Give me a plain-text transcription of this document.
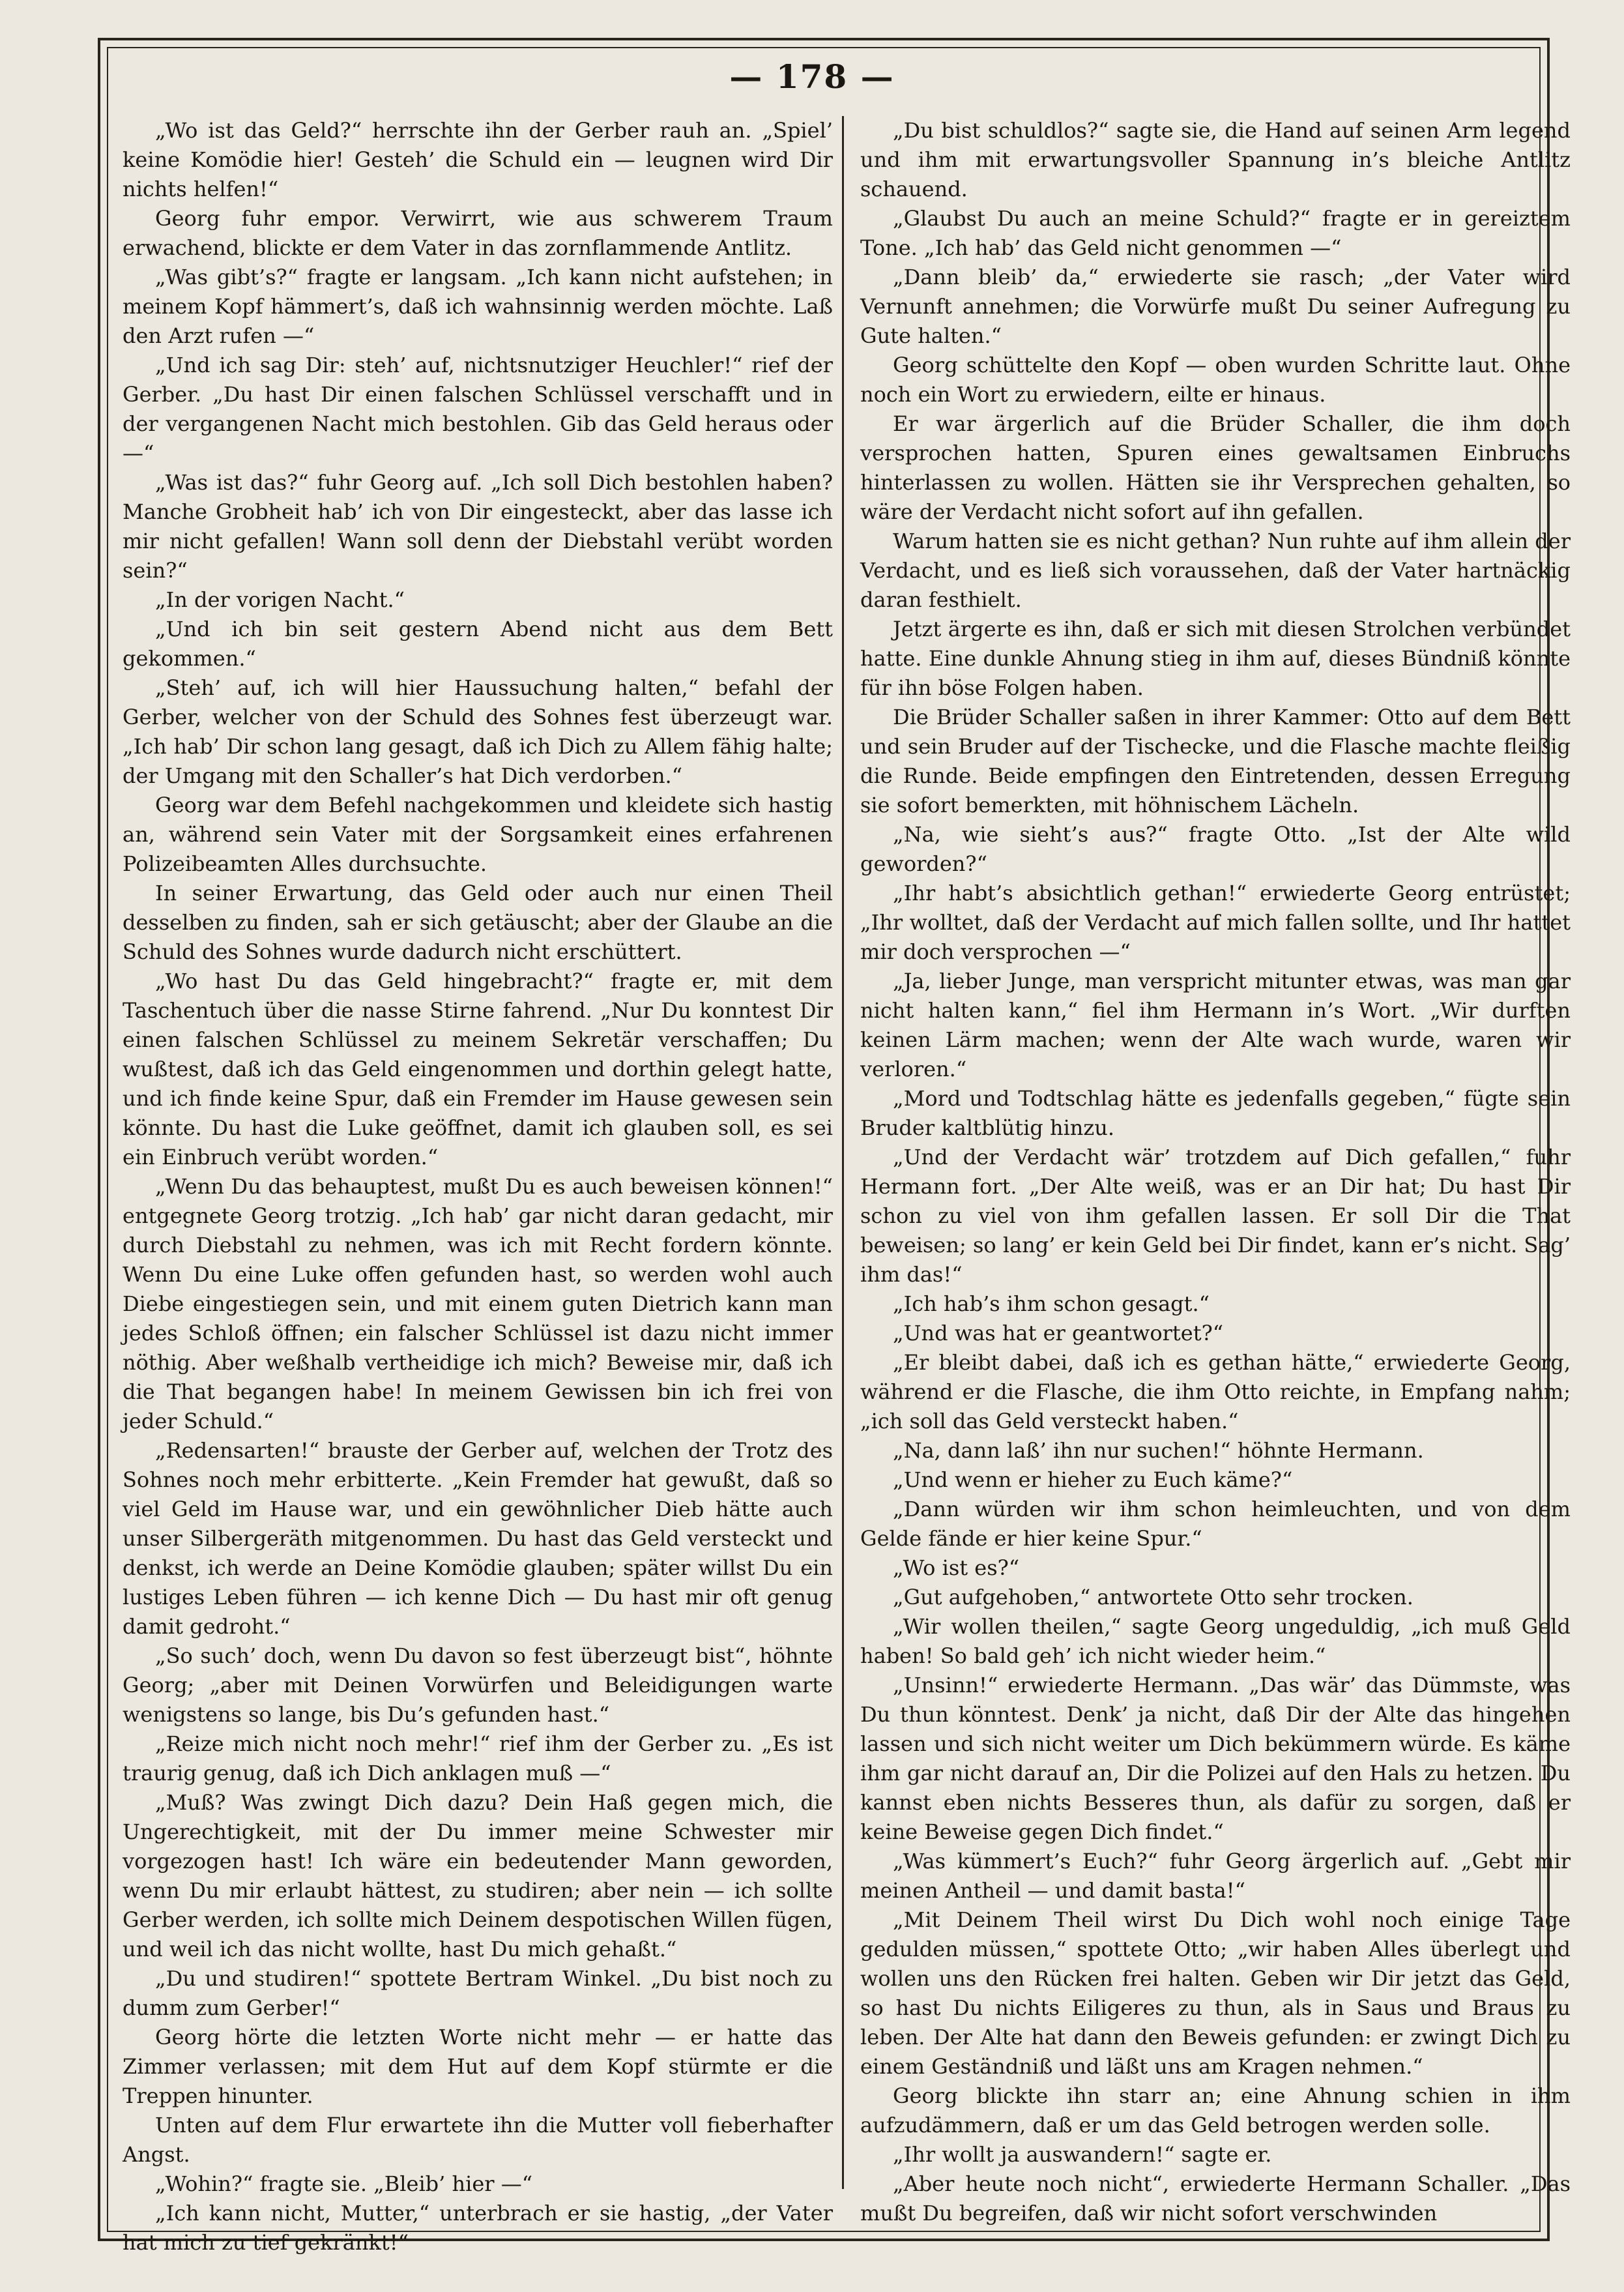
— 178 —

„Wo ist das Geld?“ herrschte ihn der Gerber rauh an. „Spiel’ keine Komödie hier! Gesteh’ die Schuld ein — leugnen wird Dir nichts helfen!“

Georg fuhr empor. Verwirrt, wie aus schwerem Traum erwachend, blickte er dem Vater in das zornflammende Antlitz.

„Was gibt’s?“ fragte er langsam. „Ich kann nicht aufstehen; in meinem Kopf hämmert’s, daß ich wahnsinnig werden möchte. Laß den Arzt rufen —“

„Und ich sag Dir: steh’ auf, nichtsnutziger Heuchler!“ rief der Gerber. „Du hast Dir einen falschen Schlüssel verschafft und in der vergangenen Nacht mich bestohlen. Gib das Geld heraus oder —“

„Was ist das?“ fuhr Georg auf. „Ich soll Dich bestohlen haben? Manche Grobheit hab’ ich von Dir eingesteckt, aber das lasse ich mir nicht gefallen! Wann soll denn der Diebstahl verübt worden sein?“

„In der vorigen Nacht.“

„Und ich bin seit gestern Abend nicht aus dem Bett gekommen.“

„Steh’ auf, ich will hier Haussuchung halten,“ befahl der Gerber, welcher von der Schuld des Sohnes fest überzeugt war. „Ich hab’ Dir schon lang gesagt, daß ich Dich zu Allem fähig halte; der Umgang mit den Schaller’s hat Dich verdorben.“

Georg war dem Befehl nachgekommen und kleidete sich hastig an, während sein Vater mit der Sorgsamkeit eines erfahrenen Polizeibeamten Alles durchsuchte.

In seiner Erwartung, das Geld oder auch nur einen Theil desselben zu finden, sah er sich getäuscht; aber der Glaube an die Schuld des Sohnes wurde dadurch nicht erschüttert.

„Wo hast Du das Geld hingebracht?“ fragte er, mit dem Taschentuch über die nasse Stirne fahrend. „Nur Du konntest Dir einen falschen Schlüssel zu meinem Sekretär verschaffen; Du wußtest, daß ich das Geld eingenommen und dorthin gelegt hatte, und ich finde keine Spur, daß ein Fremder im Hause gewesen sein könnte. Du hast die Luke geöffnet, damit ich glauben soll, es sei ein Einbruch verübt worden.“

„Wenn Du das behauptest, mußt Du es auch beweisen können!“ entgegnete Georg trotzig. „Ich hab’ gar nicht daran gedacht, mir durch Diebstahl zu nehmen, was ich mit Recht fordern könnte. Wenn Du eine Luke offen gefunden hast, so werden wohl auch Diebe eingestiegen sein, und mit einem guten Dietrich kann man jedes Schloß öffnen; ein falscher Schlüssel ist dazu nicht immer nöthig. Aber weßhalb vertheidige ich mich? Beweise mir, daß ich die That begangen habe! In meinem Gewissen bin ich frei von jeder Schuld.“

„Redensarten!“ brauste der Gerber auf, welchen der Trotz des Sohnes noch mehr erbitterte. „Kein Fremder hat gewußt, daß so viel Geld im Hause war, und ein gewöhnlicher Dieb hätte auch unser Silbergeräth mitgenommen. Du hast das Geld versteckt und denkst, ich werde an Deine Komödie glauben; später willst Du ein lustiges Leben führen — ich kenne Dich — Du hast mir oft genug damit gedroht.“

„So such’ doch, wenn Du davon so fest überzeugt bist“, höhnte Georg; „aber mit Deinen Vorwürfen und Beleidigungen warte wenigstens so lange, bis Du’s gefunden hast.“

„Reize mich nicht noch mehr!“ rief ihm der Gerber zu. „Es ist traurig genug, daß ich Dich anklagen muß —“

„Muß? Was zwingt Dich dazu? Dein Haß gegen mich, die Ungerechtigkeit, mit der Du immer meine Schwester mir vorgezogen hast! Ich wäre ein bedeutender Mann geworden, wenn Du mir erlaubt hättest, zu studiren; aber nein — ich sollte Gerber werden, ich sollte mich Deinem despotischen Willen fügen, und weil ich das nicht wollte, hast Du mich gehaßt.“

„Du und studiren!“ spottete Bertram Winkel. „Du bist noch zu dumm zum Gerber!“

Georg hörte die letzten Worte nicht mehr — er hatte das Zimmer verlassen; mit dem Hut auf dem Kopf stürmte er die Treppen hinunter.

Unten auf dem Flur erwartete ihn die Mutter voll fieberhafter Angst.

„Wohin?“ fragte sie. „Bleib’ hier —“

„Ich kann nicht, Mutter,“ unterbrach er sie hastig, „der Vater hat mich zu tief gekränkt!“

„Du bist schuldlos?“ sagte sie, die Hand auf seinen Arm legend und ihm mit erwartungsvoller Spannung in’s bleiche Antlitz schauend.

„Glaubst Du auch an meine Schuld?“ fragte er in gereiztem Tone. „Ich hab’ das Geld nicht genommen —“

„Dann bleib’ da,“ erwiederte sie rasch; „der Vater wird Vernunft annehmen; die Vorwürfe mußt Du seiner Aufregung zu Gute halten.“

Georg schüttelte den Kopf — oben wurden Schritte laut. Ohne noch ein Wort zu erwiedern, eilte er hinaus.

Er war ärgerlich auf die Brüder Schaller, die ihm doch versprochen hatten, Spuren eines gewaltsamen Einbruchs hinterlassen zu wollen. Hätten sie ihr Versprechen gehalten, so wäre der Verdacht nicht sofort auf ihn gefallen.

Warum hatten sie es nicht gethan? Nun ruhte auf ihm allein der Verdacht, und es ließ sich voraussehen, daß der Vater hartnäckig daran festhielt.

Jetzt ärgerte es ihn, daß er sich mit diesen Strolchen verbündet hatte. Eine dunkle Ahnung stieg in ihm auf, dieses Bündniß könnte für ihn böse Folgen haben.

Die Brüder Schaller saßen in ihrer Kammer: Otto auf dem Bett und sein Bruder auf der Tischecke, und die Flasche machte fleißig die Runde. Beide empfingen den Eintretenden, dessen Erregung sie sofort bemerkten, mit höhnischem Lächeln.

„Na, wie sieht’s aus?“ fragte Otto. „Ist der Alte wild geworden?“

„Ihr habt’s absichtlich gethan!“ erwiederte Georg entrüstet; „Ihr wolltet, daß der Verdacht auf mich fallen sollte, und Ihr hattet mir doch versprochen —“

„Ja, lieber Junge, man verspricht mitunter etwas, was man gar nicht halten kann,“ fiel ihm Hermann in’s Wort. „Wir durften keinen Lärm machen; wenn der Alte wach wurde, waren wir verloren.“

„Mord und Todtschlag hätte es jedenfalls gegeben,“ fügte sein Bruder kaltblütig hinzu.

„Und der Verdacht wär’ trotzdem auf Dich gefallen,“ fuhr Hermann fort. „Der Alte weiß, was er an Dir hat; Du hast Dir schon zu viel von ihm gefallen lassen. Er soll Dir die That beweisen; so lang’ er kein Geld bei Dir findet, kann er’s nicht. Sag’ ihm das!“

„Ich hab’s ihm schon gesagt.“

„Und was hat er geantwortet?“

„Er bleibt dabei, daß ich es gethan hätte,“ erwiederte Georg, während er die Flasche, die ihm Otto reichte, in Empfang nahm; „ich soll das Geld versteckt haben.“

„Na, dann laß’ ihn nur suchen!“ höhnte Hermann.

„Und wenn er hieher zu Euch käme?“

„Dann würden wir ihm schon heimleuchten, und von dem Gelde fände er hier keine Spur.“

„Wo ist es?“

„Gut aufgehoben,“ antwortete Otto sehr trocken.

„Wir wollen theilen,“ sagte Georg ungeduldig, „ich muß Geld haben! So bald geh’ ich nicht wieder heim.“

„Unsinn!“ erwiederte Hermann. „Das wär’ das Dümmste, was Du thun könntest. Denk’ ja nicht, daß Dir der Alte das hingehen lassen und sich nicht weiter um Dich bekümmern würde. Es käme ihm gar nicht darauf an, Dir die Polizei auf den Hals zu hetzen. Du kannst eben nichts Besseres thun, als dafür zu sorgen, daß er keine Beweise gegen Dich findet.“

„Was kümmert’s Euch?“ fuhr Georg ärgerlich auf. „Gebt mir meinen Antheil — und damit basta!“

„Mit Deinem Theil wirst Du Dich wohl noch einige Tage gedulden müssen,“ spottete Otto; „wir haben Alles überlegt und wollen uns den Rücken frei halten. Geben wir Dir jetzt das Geld, so hast Du nichts Eiligeres zu thun, als in Saus und Braus zu leben. Der Alte hat dann den Beweis gefunden: er zwingt Dich zu einem Geständniß und läßt uns am Kragen nehmen.“

Georg blickte ihn starr an; eine Ahnung schien in ihm aufzudämmern, daß er um das Geld betrogen werden solle.

„Ihr wollt ja auswandern!“ sagte er.

„Aber heute noch nicht“, erwiederte Hermann Schaller. „Das mußt Du begreifen, daß wir nicht sofort verschwinden
